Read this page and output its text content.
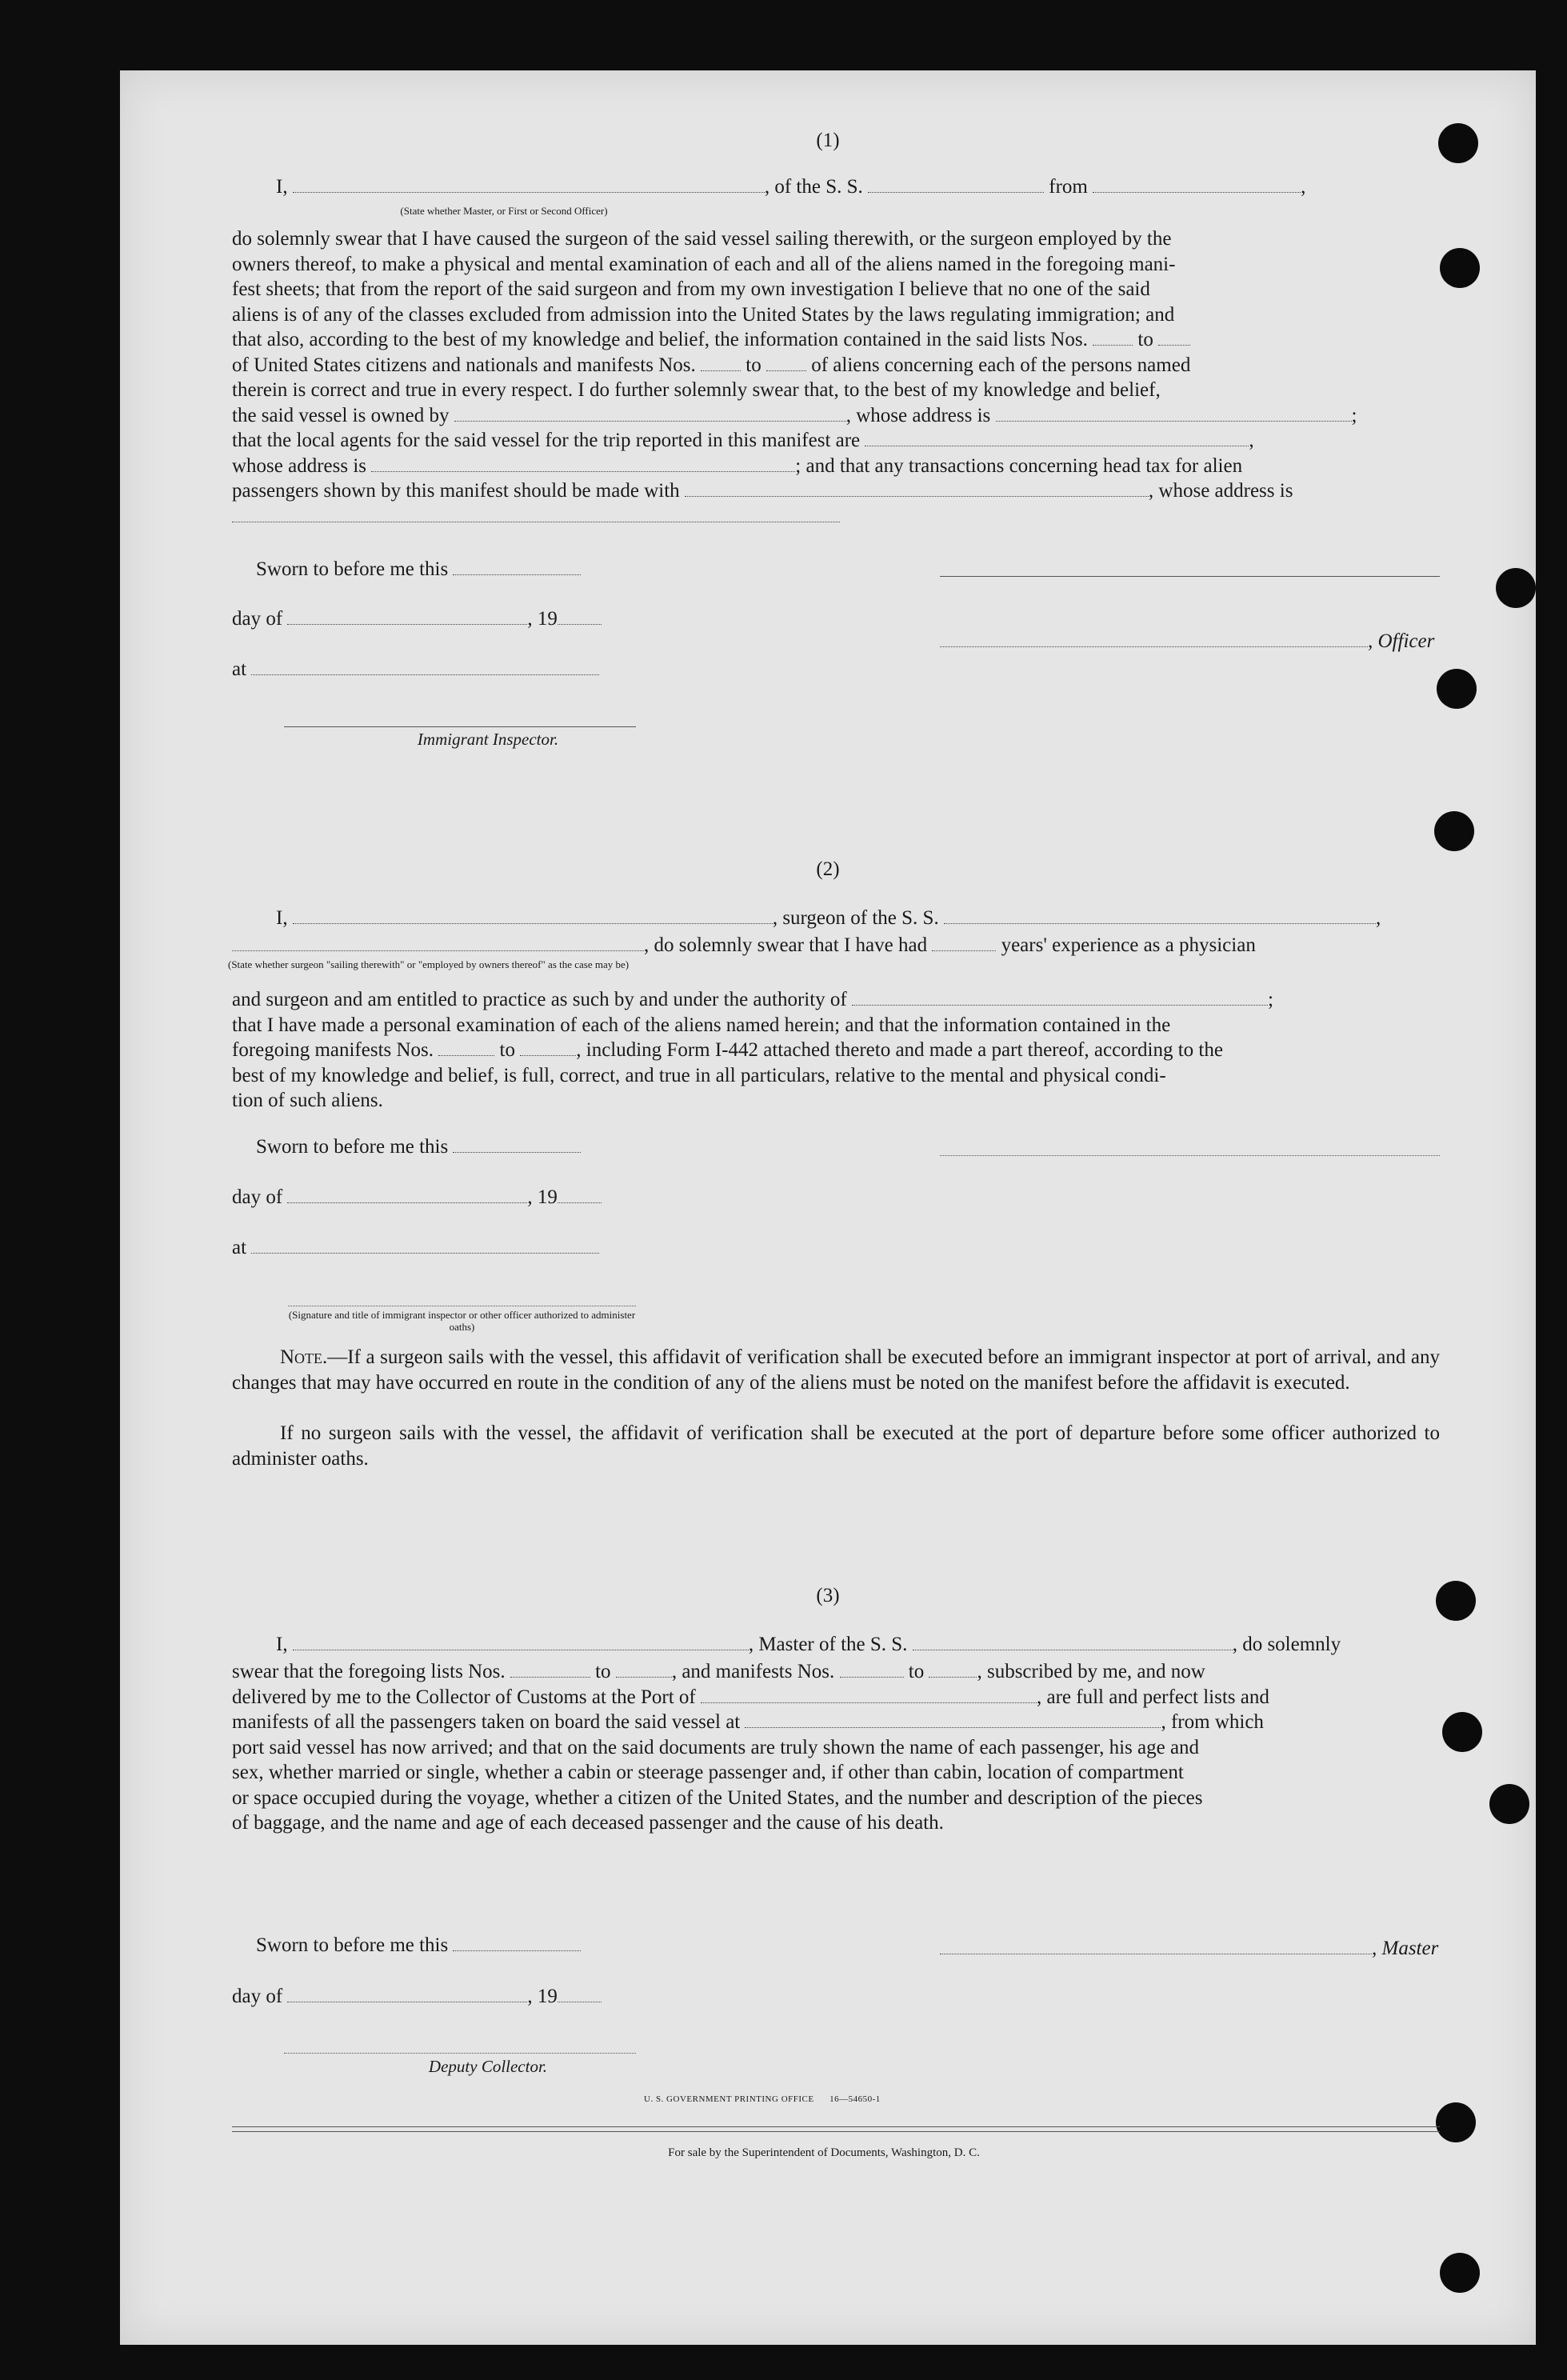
(1)
I,	, of the S. S.	from	,
(State whether Master, or First or Second Officer)
do solemnly swear that I have caused the surgeon of the said vessel sailing therewith, or the surgeon employed by the
owners thereof, to make a physical and mental examination of each and all of the aliens named in the foregoing mani-
fest sheets; that from the report of the said surgeon and from my own investigation I believe that no one of the said
aliens is of any of the classes excluded from admission into the United States by the laws regulating immigration; and
that also, according to the best of my knowledge and belief, the information contained in the said lists Nos.	to
of United States citizens and nationals and manifests Nos.	to	of aliens concerning each of the persons named
therein is correct and true in every respect. I do further solemnly swear that, to the best of my knowledge and belief,
the said vessel is owned by	, whose address is	;
that the local agents for the said vessel for the trip reported in this manifest are	,
whose address is	; and that any transactions concerning head tax for alien
passengers shown by this manifest should be made with	, whose address is
Sworn to before me this
day of	, 19
, Officer
at
Immigrant Inspector.
(2)
I,	, surgeon of the S. S.	,
, do solemnly swear that I have had	years' experience as a physician
(State whether surgeon "sailing therewith" or "employed by owners thereof" as the case may be)
and surgeon and am entitled to practice as such by and under the authority of	;
that I have made a personal examination of each of the aliens named herein; and that the information contained in the
foregoing manifests Nos.	to	, including Form I-442 attached thereto and made a part thereof, according to the
best of my knowledge and belief, is full, correct, and true in all particulars, relative to the mental and physical condi-
tion of such aliens.
Sworn to before me this
day of	, 19
at
(Signature and title of immigrant inspector or other officer authorized to administer oaths)
Note.—If a surgeon sails with the vessel, this affidavit of verification shall be executed before an immigrant inspector at port of arrival, and any changes that may have occurred en route in the condition of any of the aliens must be noted on the manifest before the affidavit is executed.
If no surgeon sails with the vessel, the affidavit of verification shall be executed at the port of departure before some officer authorized to administer oaths.
(3)
I,	, Master of the S. S.	, do solemnly
swear that the foregoing lists Nos.	to	, and manifests Nos.	to	, subscribed by me, and now
delivered by me to the Collector of Customs at the Port of	, are full and perfect lists and
manifests of all the passengers taken on board the said vessel at	, from which
port said vessel has now arrived; and that on the said documents are truly shown the name of each passenger, his age and
sex, whether married or single, whether a cabin or steerage passenger and, if other than cabin, location of compartment
or space occupied during the voyage, whether a citizen of the United States, and the number and description of the pieces
of baggage, and the name and age of each deceased passenger and the cause of his death.
Sworn to before me this	, Master
day of	, 19
Deputy Collector.
U. S. GOVERNMENT PRINTING OFFICE 16—54650-1
For sale by the Superintendent of Documents, Washington, D. C.
